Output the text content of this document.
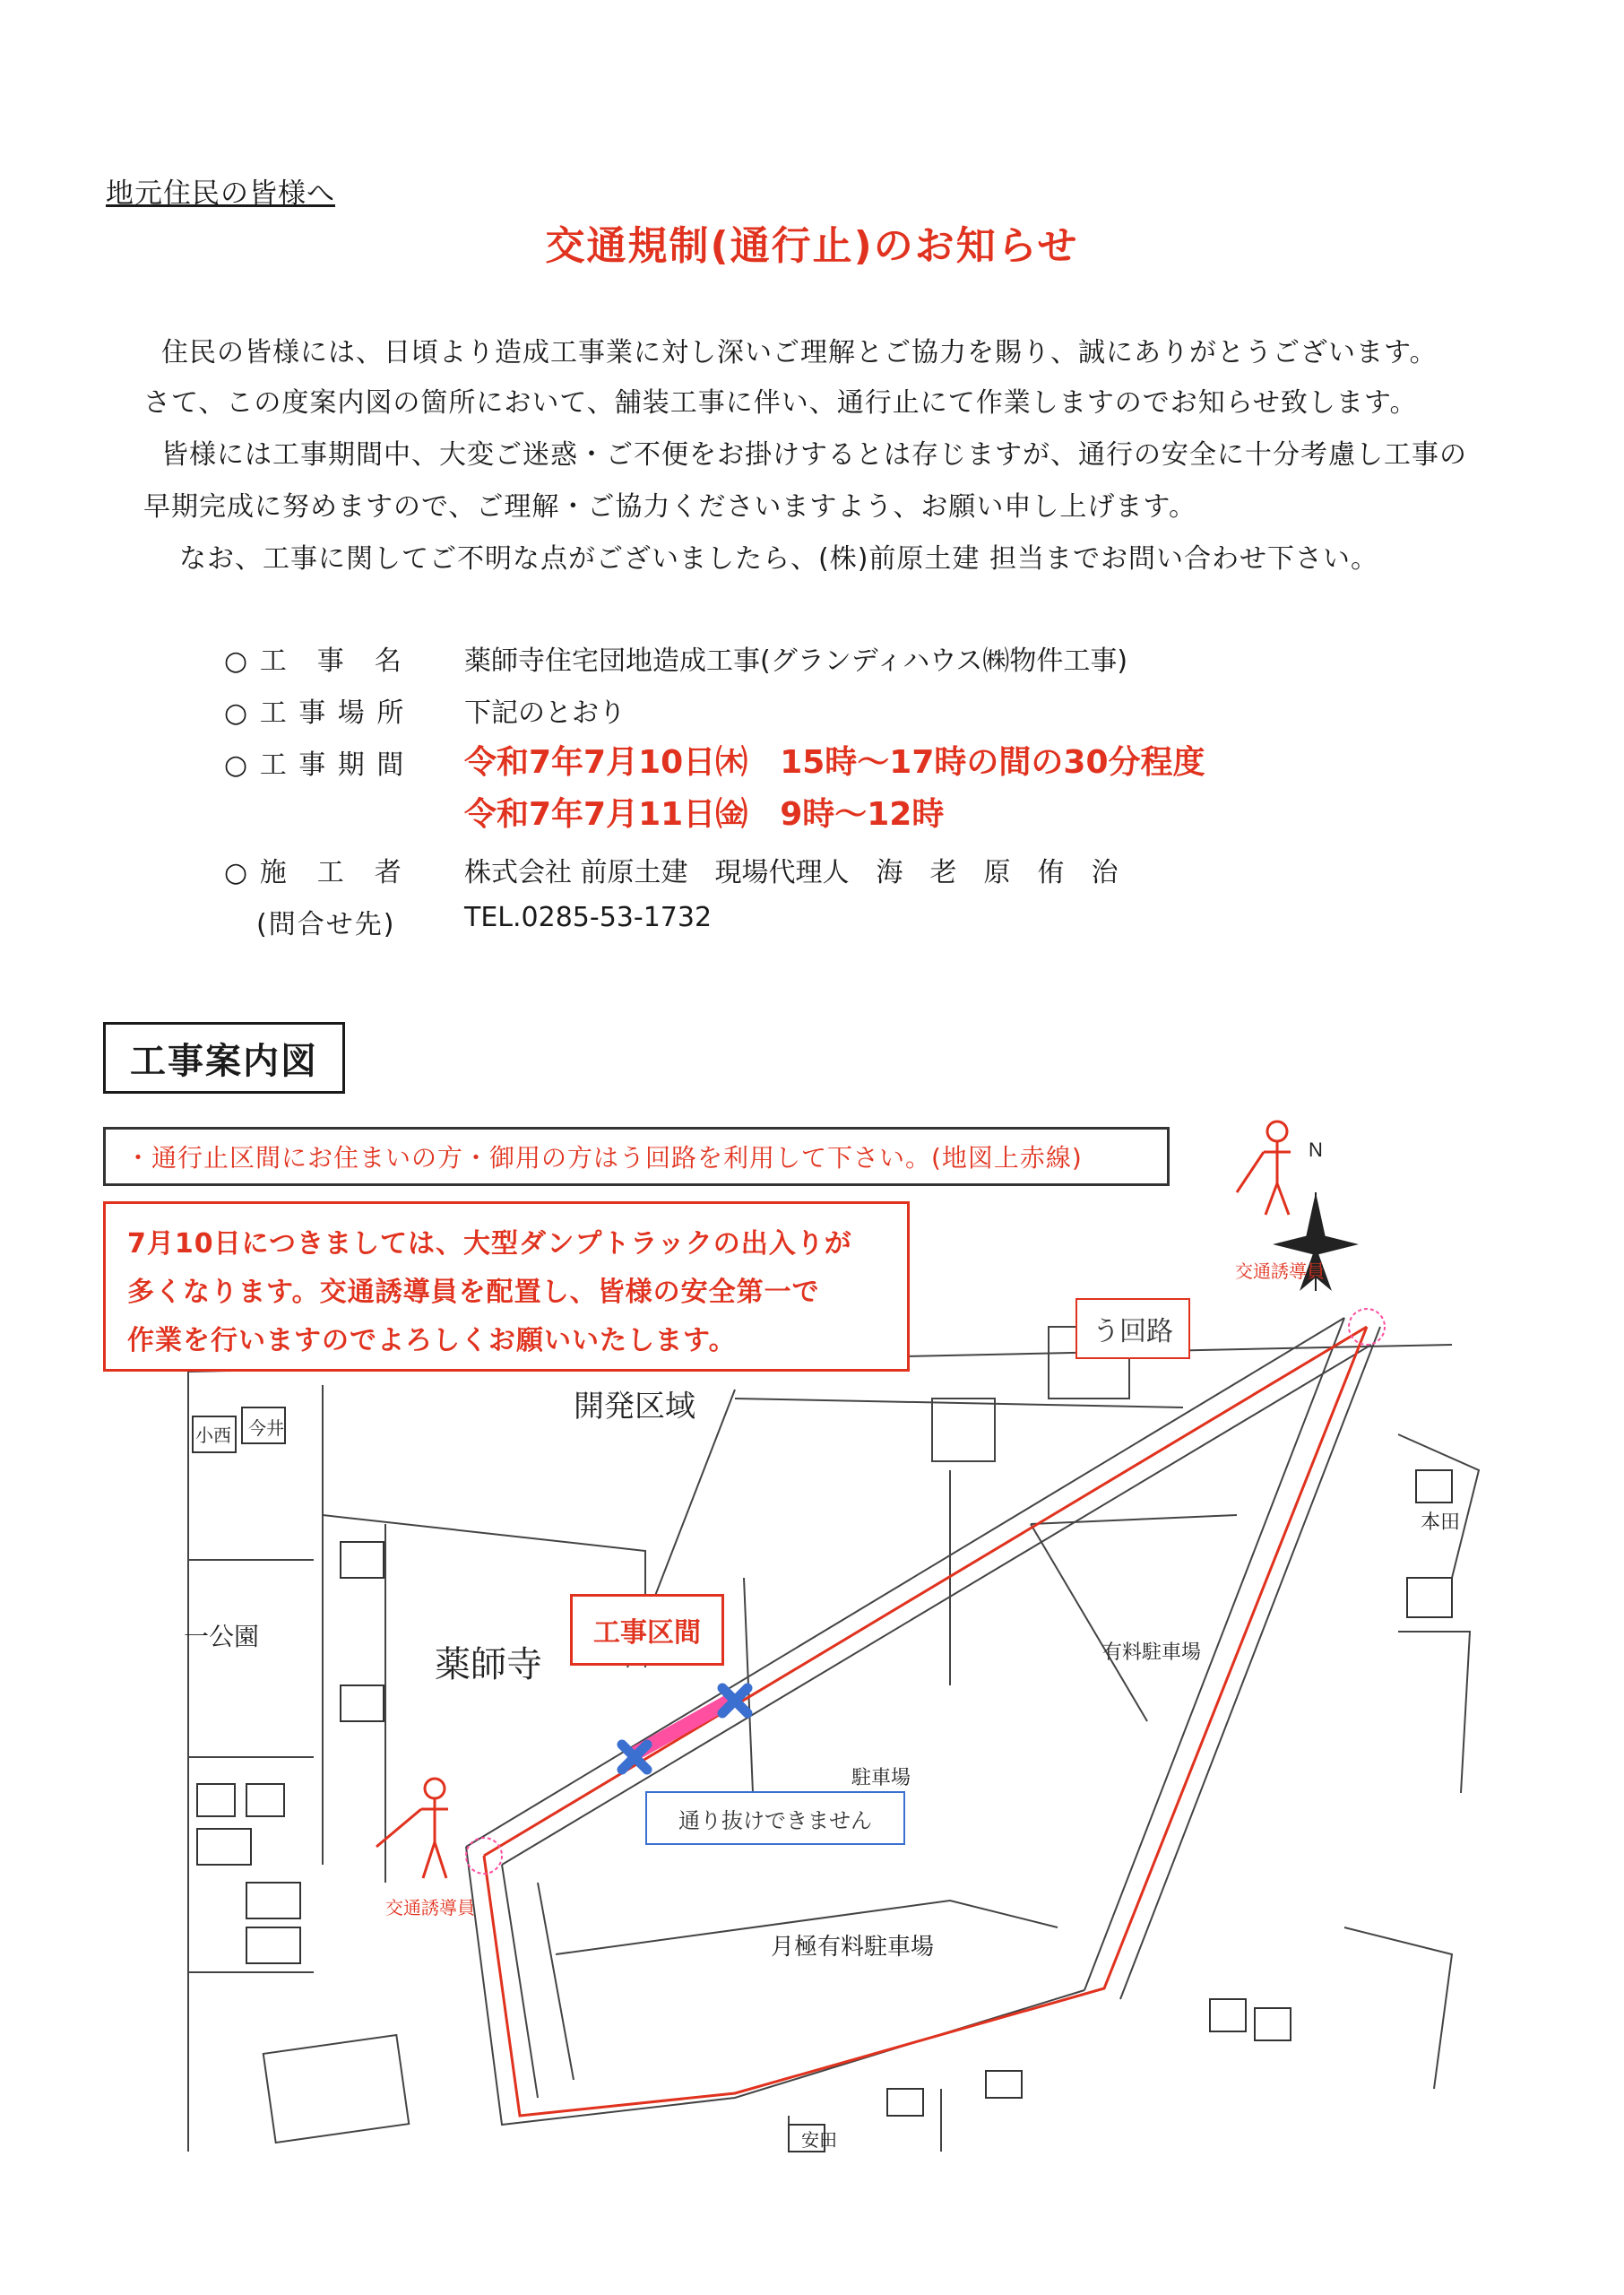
地元住民の皆様へ
交通規制(通行止)のお知らせ
住民の皆様には、日頃より造成工事業に対し深いご理解とご協力を賜り、誠にありがとうございます。
さて、この度案内図の箇所において、舗装工事に伴い、通行止にて作業しますのでお知らせ致します。
皆様には工事期間中、大変ご迷惑・ご不便をお掛けするとは存じますが、通行の安全に十分考慮し工事の
早期完成に努めますので、ご理解・ご協力くださいますよう、お願い申し上げます。
なお、工事に関してご不明な点がございましたら、(株)前原土建 担当までお問い合わせ下さい。
○ 工　事　名 薬師寺住宅団地造成工事(グランディハウス㈱物件工事)
○ 工 事 場 所 下記のとおり
○ 工 事 期 間 令和7年7月10日㈭　15時～17時の間の30分程度
令和7年7月11日㈮　9時～12時
○ 施　工　者 株式会社 前原土建　現場代理人　海　老　原　侑　治
(問合せ先)	TEL.0285-53-1732
工事案内図
N
開発区域
薬師寺
一公園
駐車場
月極有料駐車場
有料駐車場
本田
今井
小西
安田
交通誘導員
交通誘導員
・通行止区間にお住まいの方・御用の方はう回路を利用して下さい。(地図上赤線)
7月10日につきましては、大型ダンプトラックの出入りが
多くなります。交通誘導員を配置し、皆様の安全第一で
作業を行いますのでよろしくお願いいたします。	う回路
工事区間
通り抜けできません
